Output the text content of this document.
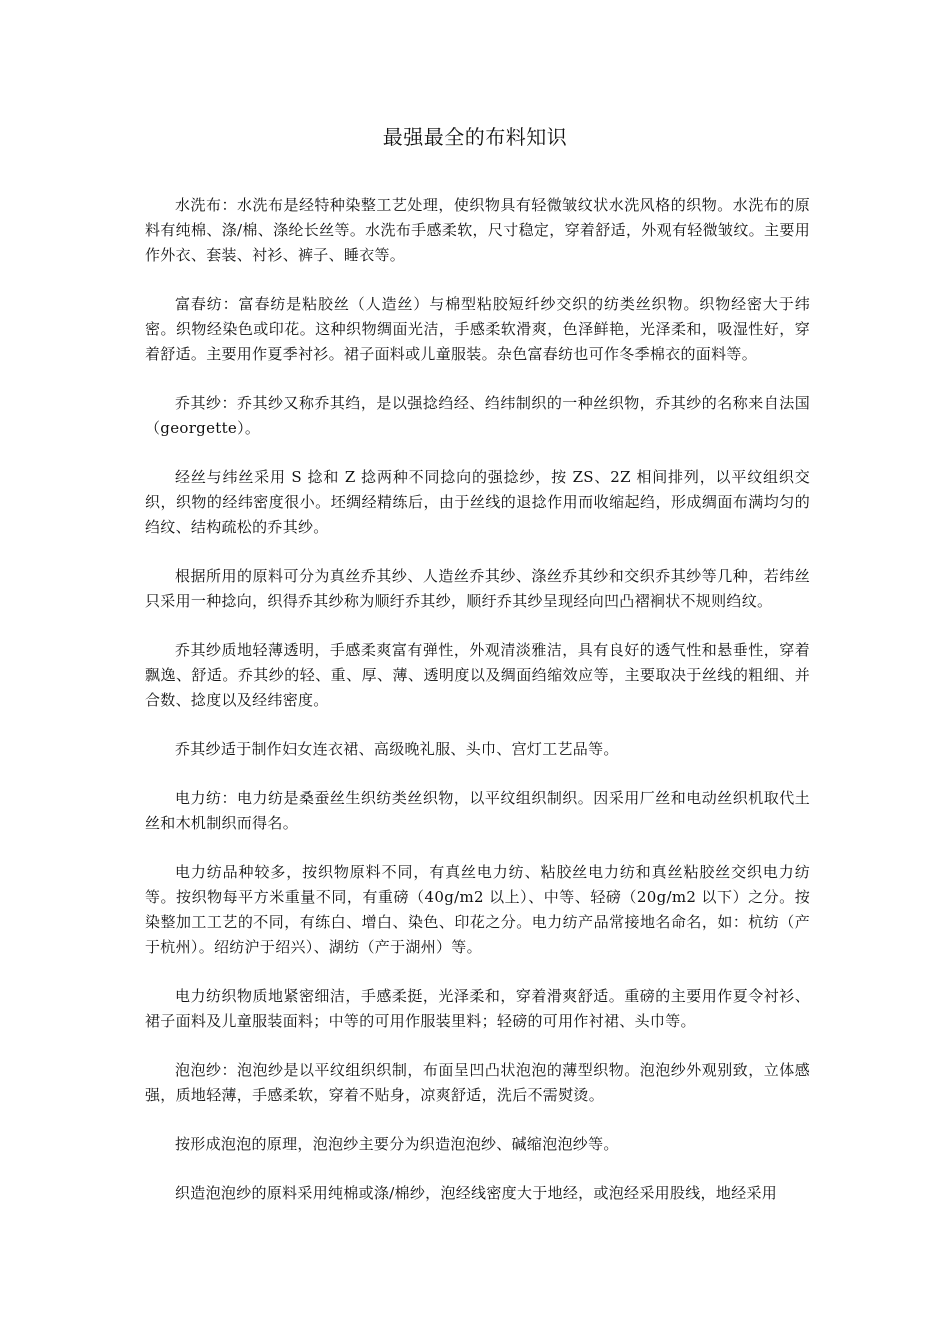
最强最全的布料知识

水洗布：水洗布是经特种染整工艺处理，使织物具有轻微皱纹状水洗风格的织物。水洗布的原料有纯棉、涤/棉、涤纶长丝等。水洗布手感柔软，尺寸稳定，穿着舒适，外观有轻微皱纹。主要用作外衣、套装、衬衫、裤子、睡衣等。

富春纺：富春纺是粘胶丝（人造丝）与棉型粘胶短纤纱交织的纺类丝织物。织物经密大于纬密。织物经染色或印花。这种织物绸面光洁，手感柔软滑爽，色泽鲜艳，光泽柔和，吸湿性好，穿着舒适。主要用作夏季衬衫。裙子面料或儿童服装。杂色富春纺也可作冬季棉衣的面料等。

乔其纱：乔其纱又称乔其绉，是以强捻绉经、绉纬制织的一种丝织物，乔其纱的名称来自法国 （georgette）。

经丝与纬丝采用 S 捻和 Z 捻两种不同捻向的强捻纱，按 ZS、2Z 相间排列，以平纹组织交织，织物的经纬密度很小。坯绸经精练后，由于丝线的退捻作用而收缩起绉，形成绸面布满均匀的绉纹、结构疏松的乔其纱。

根据所用的原料可分为真丝乔其纱、人造丝乔其纱、涤丝乔其纱和交织乔其纱等几种，若纬丝只采用一种捻向，织得乔其纱称为顺纡乔其纱，顺纡乔其纱呈现经向凹凸褶裥状不规则绉纹。

乔其纱质地轻薄透明，手感柔爽富有弹性，外观清淡雅洁，具有良好的透气性和悬垂性，穿着飘逸、舒适。乔其纱的轻、重、厚、薄、透明度以及绸面绉缩效应等，主要取决于丝线的粗细、并合数、捻度以及经纬密度。

乔其纱适于制作妇女连衣裙、高级晚礼服、头巾、宫灯工艺品等。

电力纺：电力纺是桑蚕丝生织纺类丝织物，以平纹组织制织。因采用厂丝和电动丝织机取代土丝和木机制织而得名。

电力纺品种较多，按织物原料不同，有真丝电力纺、粘胶丝电力纺和真丝粘胶丝交织电力纺等。按织物每平方米重量不同，有重磅（40g/m2 以上）、中等、轻磅（20g/m2 以下）之分。按染整加工工艺的不同，有练白、增白、染色、印花之分。电力纺产品常接地名命名，如：杭纺（产于杭州）。绍纺沪于绍兴）、湖纺（产于湖州）等。

电力纺织物质地紧密细洁，手感柔挺，光泽柔和，穿着滑爽舒适。重磅的主要用作夏令衬衫、裙子面料及儿童服装面料；中等的可用作服装里料；轻磅的可用作衬裙、头巾等。

泡泡纱：泡泡纱是以平纹组织织制，布面呈凹凸状泡泡的薄型织物。泡泡纱外观别致，立体感强，质地轻薄，手感柔软，穿着不贴身，凉爽舒适，洗后不需熨烫。

按形成泡泡的原理，泡泡纱主要分为织造泡泡纱、碱缩泡泡纱等。

织造泡泡纱的原料采用纯棉或涤/棉纱，泡经线密度大于地经，或泡经采用股线，地经采用
